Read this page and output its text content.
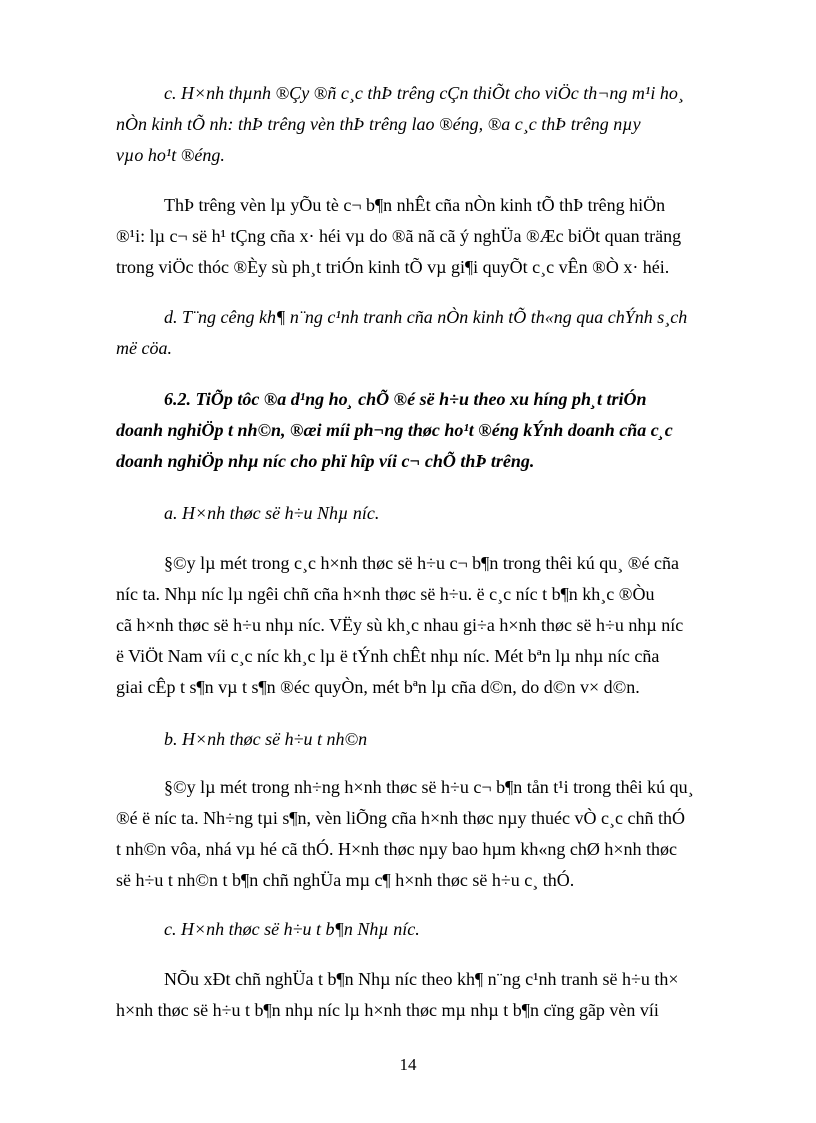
c. H×nh thµnh ®Çy ®ñ c¸c thÞ trêng cÇn thiÕt cho viÖc th¬ng m¹i ho¸
nÒn kinh tÕ nh: thÞ trêng vèn thÞ trêng lao ®éng, ®a c¸c thÞ trêng nµy
vµo ho¹t ®éng.

ThÞ trêng vèn lµ yÕu tè c¬ b¶n nhÊt cña nÒn kinh tÕ thÞ trêng hiÖn
®¹i: lµ c¬ së h¹ tÇng cña x· héi vµ do ®ã nã cã ý nghÜa ®Æc biÖt quan träng
trong viÖc thóc ®Èy sù ph¸t triÓn kinh tÕ vµ gi¶i quyÕt c¸c vÊn ®Ò x· héi.

d. T¨ng cêng kh¶ n¨ng c¹nh tranh cña nÒn kinh tÕ th«ng qua chÝnh s¸ch
më cöa.

6.2. TiÕp tôc ®a d¹ng ho¸ chÕ ®é së h÷u theo xu híng ph¸t triÓn
doanh nghiÖp t nh©n, ®æi míi ph¬ng thøc ho¹t ®éng kÝnh doanh cña c¸c
doanh nghiÖp nhµ níc cho phï hîp víi c¬ chÕ thÞ trêng.

a. H×nh thøc së h÷u Nhµ níc.

§©y lµ mét trong c¸c h×nh thøc së h÷u c¬ b¶n trong thêi kú qu¸ ®é cña
níc ta. Nhµ níc lµ ngêi chñ cña h×nh thøc së h÷u. ë c¸c níc t b¶n kh¸c ®Òu
cã h×nh thøc së h÷u nhµ níc. VËy sù kh¸c nhau gi÷a h×nh thøc së h÷u nhµ níc
ë ViÖt Nam víi c¸c níc kh¸c lµ ë tÝnh chÊt nhµ níc. Mét bªn lµ nhµ níc cña
giai cÊp t s¶n vµ t s¶n ®éc quyÒn, mét bªn lµ cña d©n, do d©n v× d©n.

b. H×nh thøc së h÷u t nh©n

§©y lµ mét trong nh÷ng h×nh thøc së h÷u c¬ b¶n tån t¹i trong thêi kú qu¸
®é ë níc ta. Nh÷ng tµi s¶n, vèn liÕng cña h×nh thøc nµy thuéc vÒ c¸c chñ thÓ
t nh©n vôa, nhá vµ hé cã thÓ. H×nh thøc nµy bao hµm kh«ng chØ h×nh thøc
së h÷u t nh©n t b¶n chñ nghÜa mµ c¶ h×nh thøc së h÷u c¸ thÓ.

c. H×nh thøc së h÷u t b¶n Nhµ níc.

NÕu xÐt chñ nghÜa t b¶n Nhµ níc theo kh¶ n¨ng c¹nh tranh së h÷u th×
h×nh thøc së h÷u t b¶n nhµ níc lµ h×nh thøc mµ nhµ t b¶n cïng gãp vèn víi

14
